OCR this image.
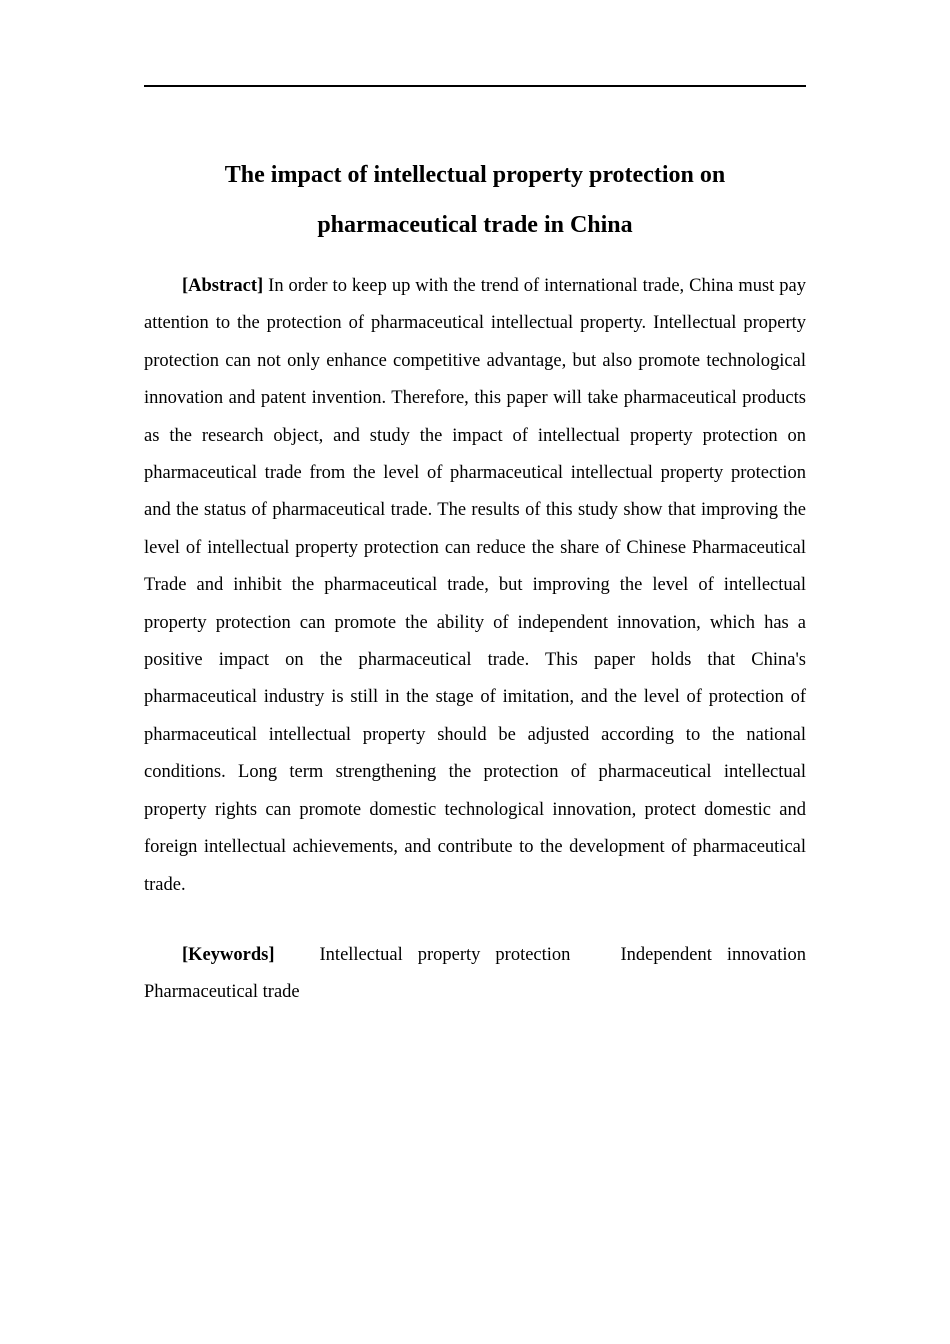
The impact of intellectual property protection on
pharmaceutical trade in China

[Abstract] In order to keep up with the trend of international trade, China must pay attention to the protection of pharmaceutical intellectual property. Intellectual property protection can not only enhance competitive advantage, but also promote technological innovation and patent invention. Therefore, this paper will take pharmaceutical products as the research object, and study the impact of intellectual property protection on pharmaceutical trade from the level of pharmaceutical intellectual property protection and the status of pharmaceutical trade. The results of this study show that improving the level of intellectual property protection can reduce the share of Chinese Pharmaceutical Trade and inhibit the pharmaceutical trade, but improving the level of intellectual property protection can promote the ability of independent innovation, which has a positive impact on the pharmaceutical trade. This paper holds that China's pharmaceutical industry is still in the stage of imitation, and the level of protection of pharmaceutical intellectual property should be adjusted according to the national conditions. Long term strengthening the protection of pharmaceutical intellectual property rights can promote domestic technological innovation, protect domestic and foreign intellectual achievements, and contribute to the development of pharmaceutical trade.

[Keywords] Intellectual property protection	Independent innovation Pharmaceutical trade
